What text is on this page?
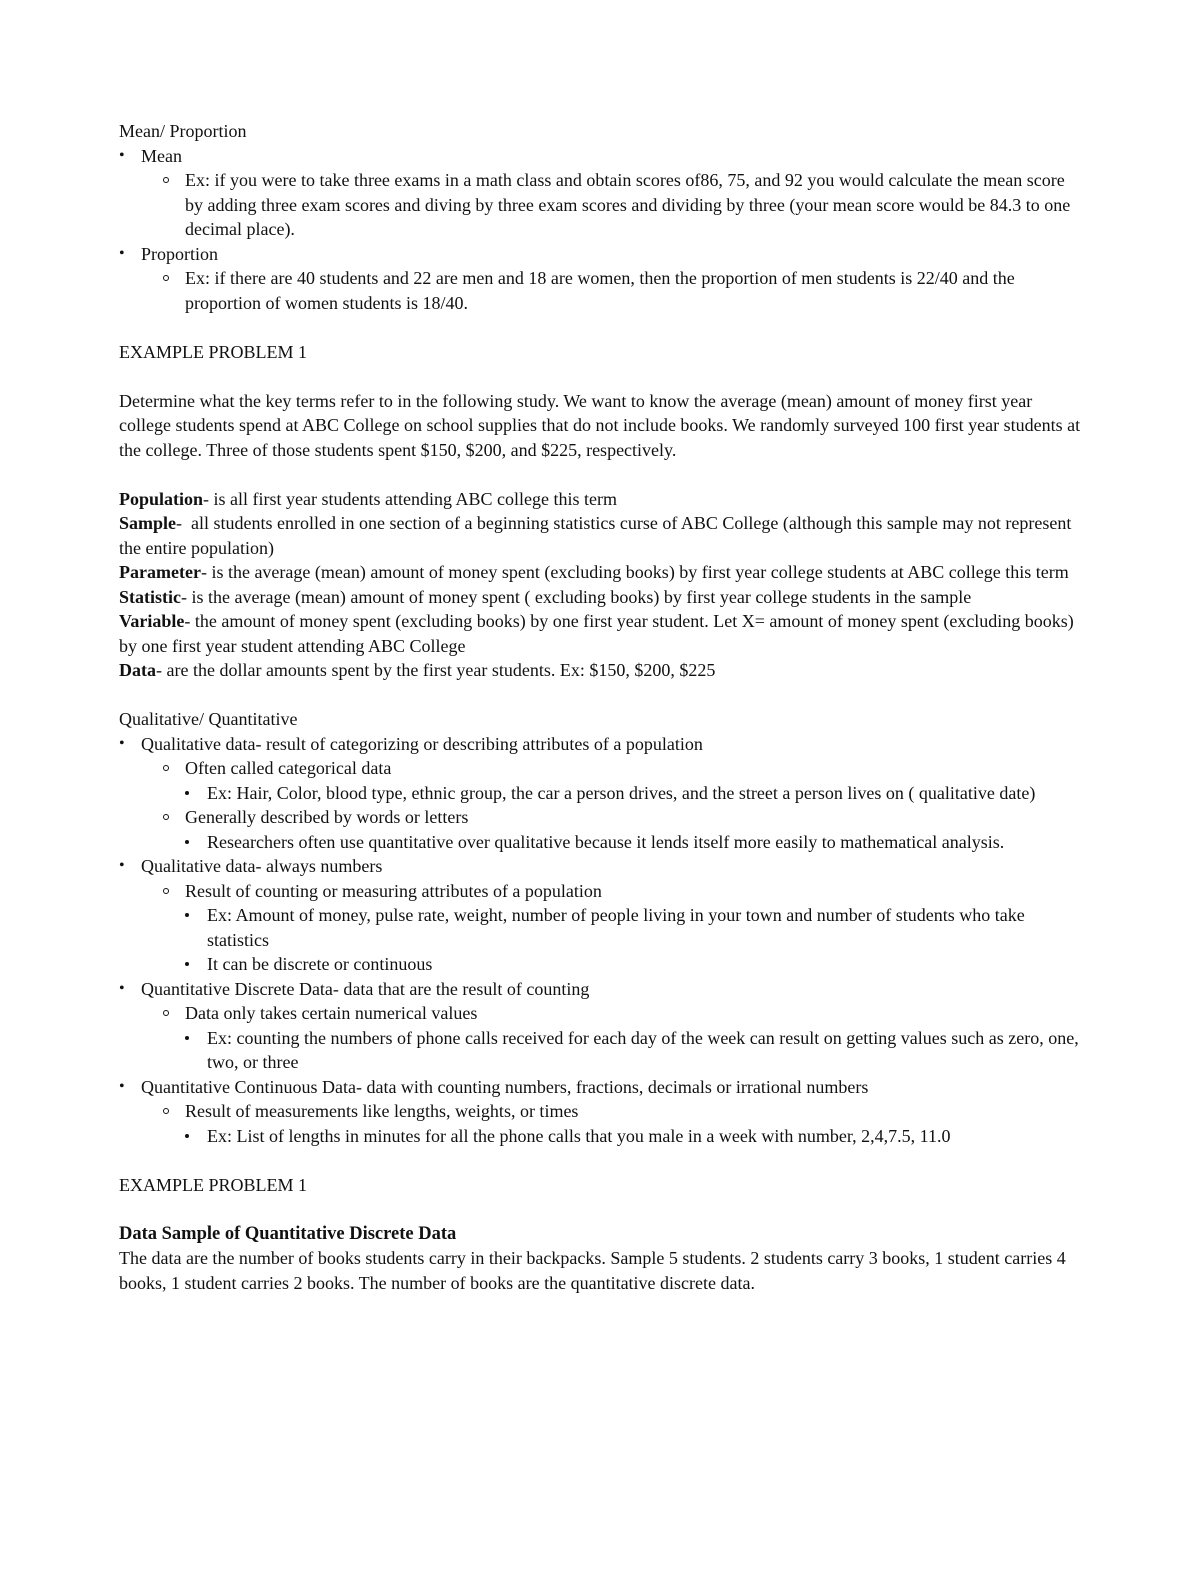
Mean/ Proportion

• Mean
Ex: if you were to take three exams in a math class and obtain scores of86, 75, and 92 you would calculate the mean score by adding three exam scores and diving by three exam scores and dividing by three (your mean score would be 84.3 to one decimal place).
• Proportion
Ex: if there are 40 students and 22 are men and 18 are women, then the proportion of men students is 22/40 and the proportion of women students is 18/40.

EXAMPLE PROBLEM 1

Determine what the key terms refer to in the following study. We want to know the average (mean) amount of money first year college students spend at ABC College on school supplies that do not include books. We randomly surveyed 100 first year students at the college. Three of those students spent $150, $200, and $225, respectively.

Population- is all first year students attending ABC college this term

Sample-  all students enrolled in one section of a beginning statistics curse of ABC College (although this sample may not represent the entire population)

Parameter- is the average (mean) amount of money spent (excluding books) by first year college students at ABC college this term

Statistic- is the average (mean) amount of money spent ( excluding books) by first year college students in the sample

Variable- the amount of money spent (excluding books) by one first year student. Let X= amount of money spent (excluding books) by one first year student attending ABC College

Data- are the dollar amounts spent by the first year students. Ex: $150, $200, $225

Qualitative/ Quantitative

• Qualitative data- result of categorizing or describing attributes of a population
Often called categorical data
Ex: Hair, Color, blood type, ethnic group, the car a person drives, and the street a person lives on ( qualitative date)
Generally described by words or letters
Researchers often use quantitative over qualitative because it lends itself more easily to mathematical analysis.
• Qualitative data- always numbers
Result of counting or measuring attributes of a population
Ex: Amount of money, pulse rate, weight, number of people living in your town and number of students who take statistics
It can be discrete or continuous
• Quantitative Discrete Data- data that are the result of counting
Data only takes certain numerical values
Ex: counting the numbers of phone calls received for each day of the week can result on getting values such as zero, one, two, or three
• Quantitative Continuous Data- data with counting numbers, fractions, decimals or irrational numbers
Result of measurements like lengths, weights, or times
Ex: List of lengths in minutes for all the phone calls that you male in a week with number, 2,4,7.5, 11.0

EXAMPLE PROBLEM 1

Data Sample of Quantitative Discrete Data

The data are the number of books students carry in their backpacks. Sample 5 students. 2 students carry 3 books, 1 student carries 4 books, 1 student carries 2 books. The number of books are the quantitative discrete data.
